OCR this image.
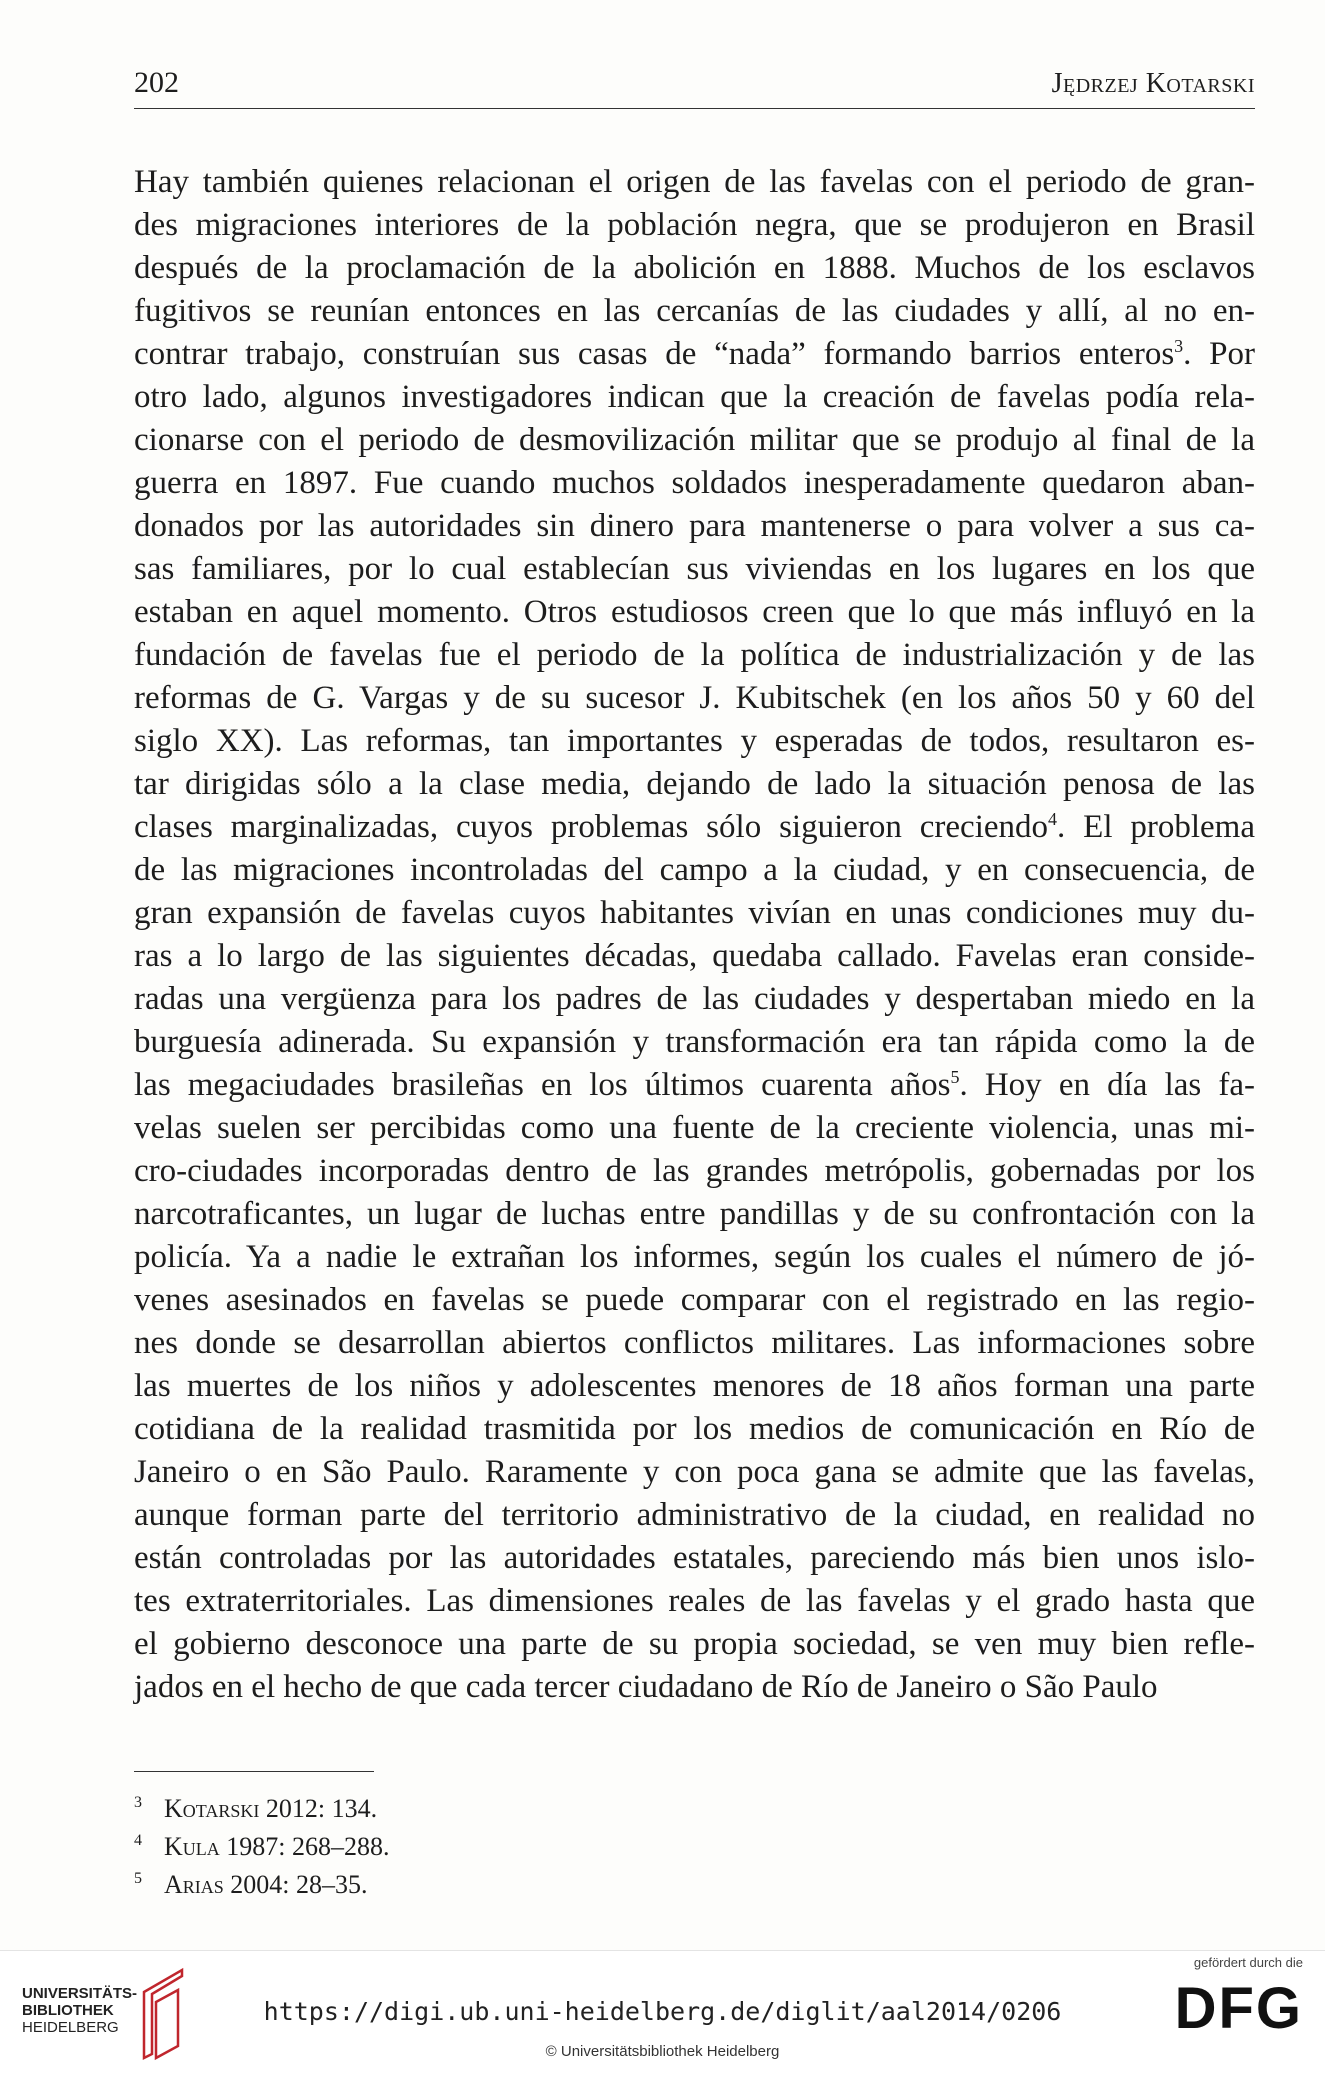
202	Jędrzej Kotarski
Hay también quienes relacionan el origen de las favelas con el periodo de gran-
des migraciones interiores de la población negra, que se produjeron en Brasil
después de la proclamación de la abolición en 1888. Muchos de los esclavos
fugitivos se reunían entonces en las cercanías de las ciudades y allí, al no en-
contrar trabajo, construían sus casas de “nada” formando barrios enteros$^3$. Por
otro lado, algunos investigadores indican que la creación de favelas podía rela-
cionarse con el periodo de desmovilización militar que se produjo al final de la
guerra en 1897. Fue cuando muchos soldados inesperadamente quedaron aban-
donados por las autoridades sin dinero para mantenerse o para volver a sus ca-
sas familiares, por lo cual establecían sus viviendas en los lugares en los que
estaban en aquel momento. Otros estudiosos creen que lo que más influyó en la
fundación de favelas fue el periodo de la política de industrialización y de las
reformas de G. Vargas y de su sucesor J. Kubitschek (en los años 50 y 60 del
siglo XX). Las reformas, tan importantes y esperadas de todos, resultaron es-
tar dirigidas sólo a la clase media, dejando de lado la situación penosa de las
clases marginalizadas, cuyos problemas sólo siguieron creciendo$^4$. El problema
de las migraciones incontroladas del campo a la ciudad, y en consecuencia, de
gran expansión de favelas cuyos habitantes vivían en unas condiciones muy du-
ras a lo largo de las siguientes décadas, quedaba callado. Favelas eran conside-
radas una vergüenza para los padres de las ciudades y despertaban miedo en la
burguesía adinerada. Su expansión y transformación era tan rápida como la de
las megaciudades brasileñas en los últimos cuarenta años$^5$. Hoy en día las fa-
velas suelen ser percibidas como una fuente de la creciente violencia, unas mi-
cro-ciudades incorporadas dentro de las grandes metrópolis, gobernadas por los
narcotraficantes, un lugar de luchas entre pandillas y de su confrontación con la
policía. Ya a nadie le extrañan los informes, según los cuales el número de jó-
venes asesinados en favelas se puede comparar con el registrado en las regio-
nes donde se desarrollan abiertos conflictos militares. Las informaciones sobre
las muertes de los niños y adolescentes menores de 18 años forman una parte
cotidiana de la realidad trasmitida por los medios de comunicación en Río de
Janeiro o en São Paulo. Raramente y con poca gana se admite que las favelas,
aunque forman parte del territorio administrativo de la ciudad, en realidad no
están controladas por las autoridades estatales, pareciendo más bien unos islo-
tes extraterritoriales. Las dimensiones reales de las favelas y el grado hasta que
el gobierno desconoce una parte de su propia sociedad, se ven muy bien refle-
jados en el hecho de que cada tercer ciudadano de Río de Janeiro o São Paulo
3 Kotarski 2012: 134.
4 Kula 1987: 268–288.
5 Arias 2004: 28–35.
UNIVERSITÄTS-
BIBLIOTHEK
HEIDELBERG
https://digi.ub.uni-heidelberg.de/diglit/aal2014/0206
© Universitätsbibliothek Heidelberg
gefördert durch die
DFG
